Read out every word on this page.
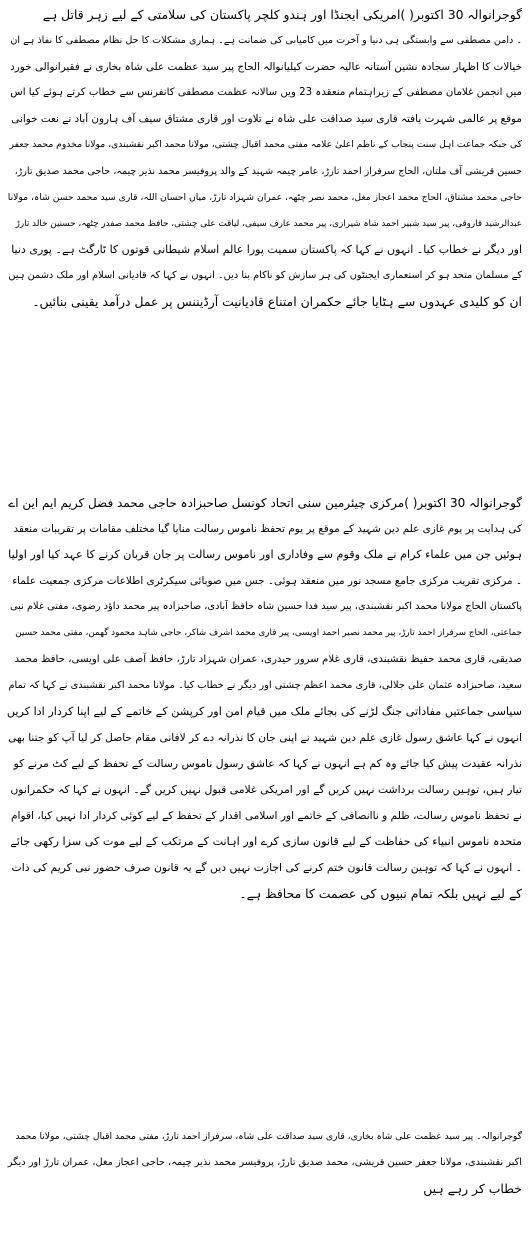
گوجرانوالہ 30 اکتوبر( )امریکی ایجنڈا اور ہندو کلچر پاکستان کی سلامتی کے لیے زہر قاتل ہے
۔ دامن مصطفی سے وابستگی ہی دنیا و آخرت میں کامیابی کی ضمانت ہے۔ ہماری مشکلات کا حل نظام مصطفی کا نفاذ ہے ان
خیالات کا اظہار سجادہ نشین آستانہ عالیہ حضرت کیلیانوالہ الحاج پیر سید عظمت علی شاہ بخاری نے فقیرانوالی خورد
میں انجمن غلامان مصطفی کے زیراہتمام منعقدہ 23 ویں سالانہ عظمت مصطفی کانفرنس سے خطاب کرتے ہوئے کیا اس
موقع پر عالمی شہرت یافتہ قاری سید صداقت علی شاہ نے تلاوت اور قاری مشتاق سیف آف ہارون آباد نے نعت خوانی
کی جبکہ جماعت اہل سنت پنجاب کے ناظم اعلیٰ علامہ مفتی محمد اقبال چشتی، مولانا محمد اکبر نقشبندی، مولانا مخدوم محمد جعفر
حسین قریشی آف ملتان، الحاج سرفراز احمد تارڑ، عامر چیمہ شہید کے والد پروفیسر محمد نذیر چیمہ، حاجی محمد صدیق تارڑ،
حاجی محمد مشتاق، الحاج محمد اعجاز مغل، محمد نصر چٹھہ، عمران شہزاد تارڑ، میاں احسان اللہ، قاری سید محمد حسن شاہ، مولانا
عبدالرشید فاروقی، پیر سید شبیر احمد شاہ شیرازی، پیر محمد عارف سیفی، لیاقت علی چشتی، حافظ محمد صفدر چٹھہ، حسنین خالد تارڑ
اور دیگر نے خطاب کیا۔ انہوں نے کہا کہ پاکستان سمیت پورا عالم اسلام شیطانی قوتوں کا ٹارگٹ ہے۔ پوری دنیا
کے مسلمان متحد ہو کر استعماری ایجنٹوں کی ہر سازش کو ناکام بنا دیں۔ انہوں نے کہا کہ قادیانی اسلام اور ملک دشمن ہیں
ان کو کلیدی عہدوں سے ہٹایا جائے حکمران امتناع قادیانیت آرڈیننس پر عمل درآمد یقینی بنائیں۔
گوجرانوالہ 30 اکتوبر( )مرکزی چیئرمین سنی اتحاد کونسل صاحبزادہ حاجی محمد فضل کریم ایم این اے
کی ہدایت پر یوم غازی علم دین شہید کے موقع پر یوم تحفظ ناموس رسالت منایا گیا مختلف مقامات پر تقریبات منعقد
ہوئیں جن میں علماء کرام نے ملک وقوم سے وفاداری اور ناموس رسالت پر جان قربان کرنے کا عہد کیا اور اولیا
۔ مرکزی تقریب مرکزی جامع مسجد نور میں منعقد ہوئی۔ جس میں صوبائی سیکرٹری اطلاعات مرکزی جمعیت علماء
پاکستان الحاج مولانا محمد اکبر نقشبندی، پیر سید فدا حسین شاہ حافظ آبادی، صاحبزادہ پیر محمد داؤد رضوی، مفتی غلام نبی
جماعتی، الحاج سرفراز احمد تارڑ، پیر محمد نصیر احمد اویسی، پیر قاری محمد اشرف شاکر، حاجی شاہد محمود گھمن، مفتی محمد حسین
صدیقی، قاری محمد حفیظ نقشبندی، قاری غلام سرور حیدری، عمران شہزاد تارڑ، حافظ آصف علی اویسی، حافظ محمد
سعید، صاحبزادہ عثمان علی جلالی، قاری محمد اعظم چشتی اور دیگر نے خطاب کیا۔ مولانا محمد اکبر نقشبندی نے کہا کہ تمام
سیاسی جماعتیں مفاداتی جنگ لڑنے کی بجائے ملک میں قیام امن اور کرپشن کے خاتمے کے لیے اپنا کردار ادا کریں
انہوں نے کہا عاشق رسول غازی علم دین شہید نے اپنی جان کا نذرانہ دے کر لافانی مقام حاصل کر لیا آپ کو جتنا بھی
نذرانہ عقیدت پیش کیا جائے وہ کم ہے انہوں نے کہا کہ عاشق رسول ناموس رسالت کے تحفظ کے لیے کٹ مرنے کو
تیار ہیں، توہین رسالت برداشت نہیں کریں گے اور امریکی غلامی قبول نہیں کریں گے۔ انہوں نے کہا کہ حکمرانوں
نے تحفظ ناموس رسالت، ظلم و ناانصافی کے خاتمے اور اسلامی اقدار کے تحفظ کے لیے کوئی کردار ادا نہیں کیا، اقوام
متحدہ ناموس انبیاء کی حفاظت کے لیے قانون سازی کرے اور اہانت کے مرتکب کے لیے موت کی سزا رکھی جائے
۔ انہوں نے کہا کہ توہین رسالت قانون ختم کرنے کی اجازت نہیں دیں گے یہ قانون صرف حضور نبی کریم کی ذات
کے لیے نہیں بلکہ تمام نبیوں کی عصمت کا محافظ ہے۔
گوجرانوالہ۔ پیر سید عظمت علی شاہ بخاری، قاری سید صداقت علی شاہ، سرفراز احمد تارڑ، مفتی محمد اقبال چشتی، مولانا محمد
اکبر نقشبندی، مولانا جعفر حسین قریشی، محمد صدیق تارڑ، پروفیسر محمد نذیر چیمہ، حاجی اعجاز مغل، عمران تارڑ اور دیگر
خطاب کر رہے ہیں
